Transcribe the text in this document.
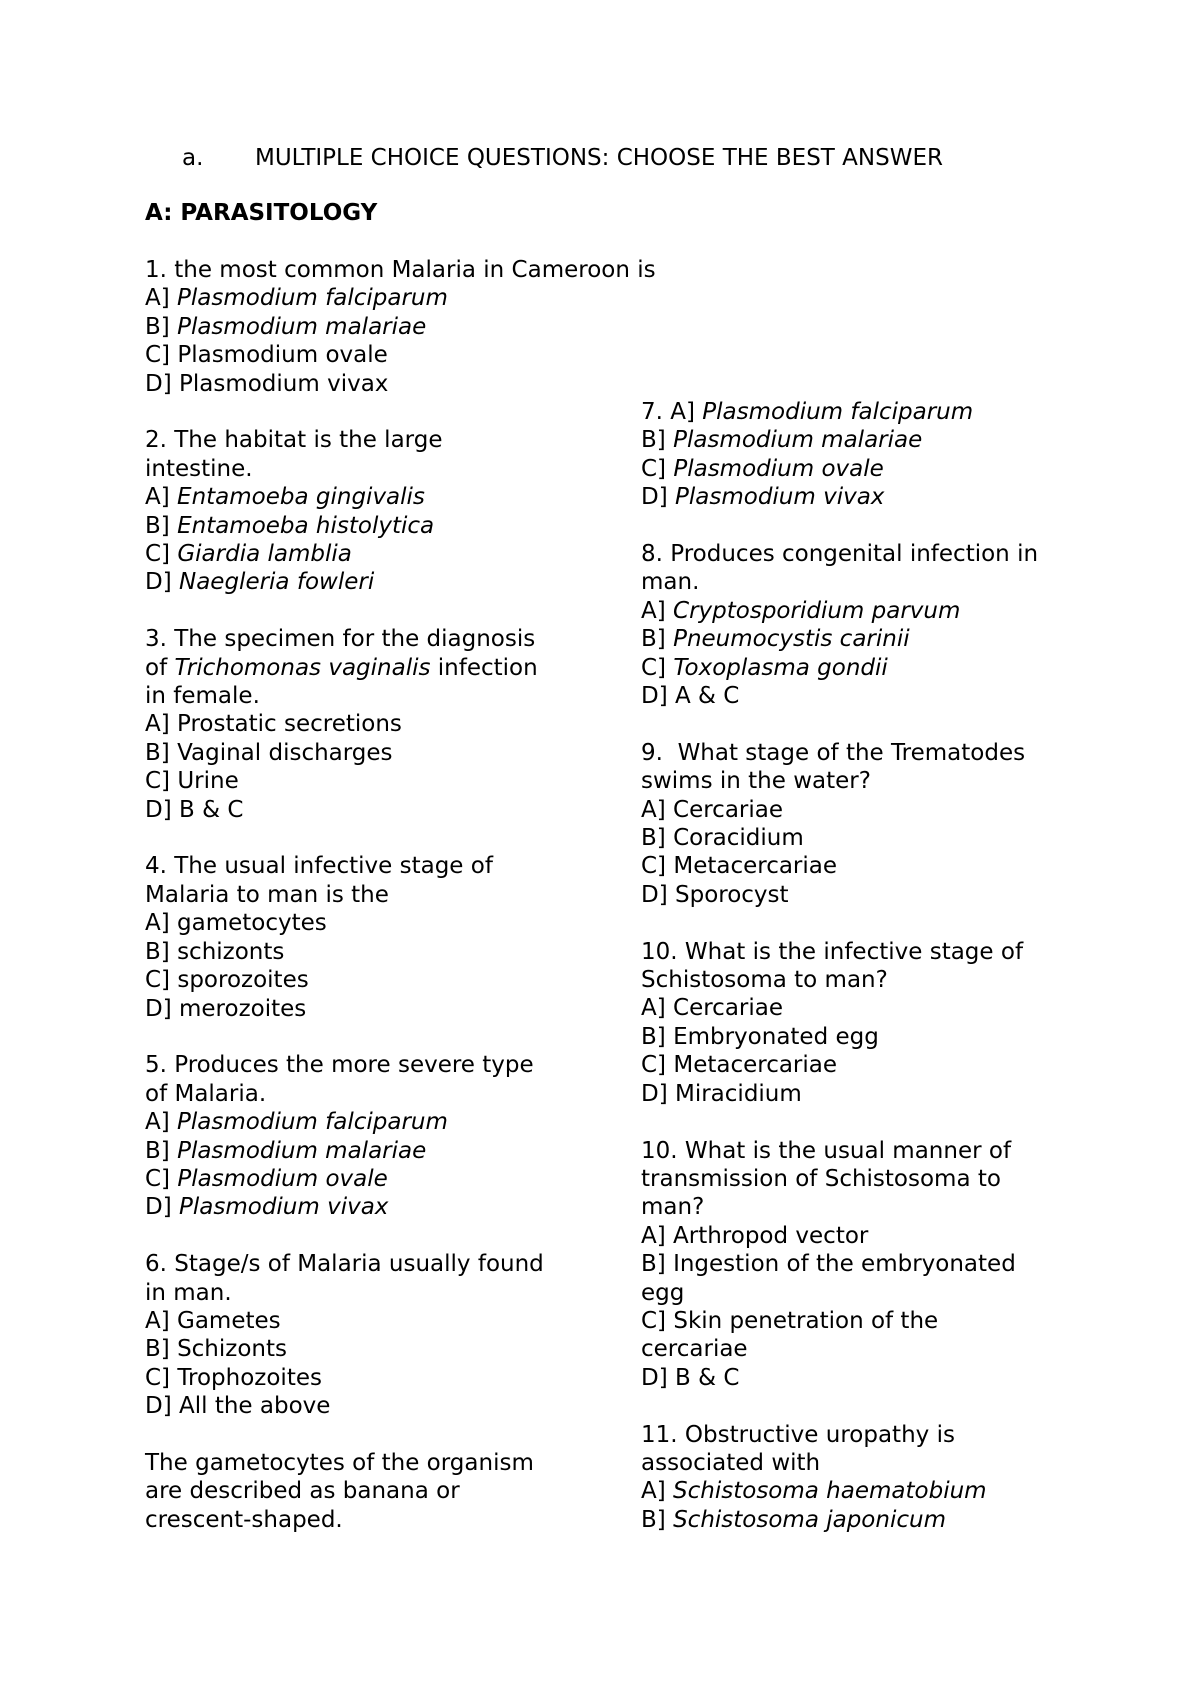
a. MULTIPLE CHOICE QUESTIONS: CHOOSE THE BEST ANSWER
A: PARASITOLOGY
1. the most common Malaria in Cameroon is
A] Plasmodium falciparum
B] Plasmodium malariae
C] Plasmodium ovale
D] Plasmodium vivax
2. The habitat is the large
intestine.
A] Entamoeba gingivalis
B] Entamoeba histolytica
C] Giardia lamblia
D] Naegleria fowleri
3. The specimen for the diagnosis
of Trichomonas vaginalis infection
in female.
A] Prostatic secretions
B] Vaginal discharges
C] Urine
D] B & C
4. The usual infective stage of
Malaria to man is the
A] gametocytes
B] schizonts
C] sporozoites
D] merozoites
5. Produces the more severe type
of Malaria.
A] Plasmodium falciparum
B] Plasmodium malariae
C] Plasmodium ovale
D] Plasmodium vivax
6. Stage/s of Malaria usually found
in man.
A] Gametes
B] Schizonts
C] Trophozoites
D] All the above
The gametocytes of the organism
are described as banana or
crescent-shaped.
7. A] Plasmodium falciparum
B] Plasmodium malariae
C] Plasmodium ovale
D] Plasmodium vivax
8. Produces congenital infection in
man.
A] Cryptosporidium parvum
B] Pneumocystis carinii
C] Toxoplasma gondii
D] A & C
9.  What stage of the Trematodes
swims in the water?
A] Cercariae
B] Coracidium
C] Metacercariae
D] Sporocyst
10. What is the infective stage of
Schistosoma to man?
A] Cercariae
B] Embryonated egg
C] Metacercariae
D] Miracidium
10. What is the usual manner of
transmission of Schistosoma to
man?
A] Arthropod vector
B] Ingestion of the embryonated
egg
C] Skin penetration of the
cercariae
D] B & C
11. Obstructive uropathy is
associated with
A] Schistosoma haematobium
B] Schistosoma japonicum
